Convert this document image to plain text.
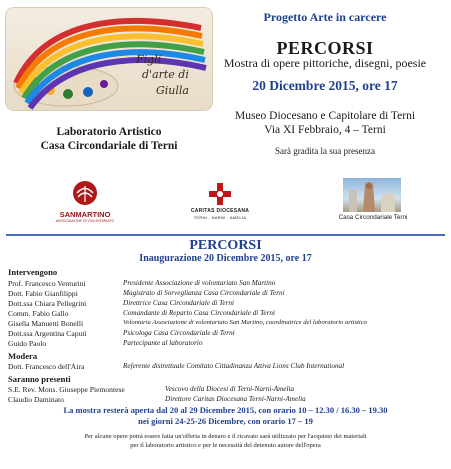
Figli
d'arte di
Giulla
Laboratorio Artistico
Casa Circondariale di Terni
Progetto Arte in carcere
PERCORSI
Mostra di opere pittoriche, disegni, poesie
20 Dicembre 2015, ore 17
Museo Diocesano e Capitolare di Terni
Via XI Febbraio, 4 – Terni
Sarà gradita la sua presenza
SANMARTINO
ASSOCIAZIONE DI VOLONTARIATO
CARITAS DIOCESANA
TERNI - NARNI - AMELIA	Casa Circondariale Terni
PERCORSI
Inaugurazione 20 Dicembre 2015, ore 17
Intervengono
Prof. Francesco Venturini	Presidente Associazione di volontariato San Martino
Dott. Fabio Gianfilippi	Magistrato di Sorveglianza Casa Circondariale di Terni
Dott.ssa Chiara Pellegrini	Direttrice Casa Circondariale di Terni
Comm. Fabio Gallo	Comandante di Reparto Casa Circondariale di Terni
Gisella Manuetti Bonelli	Volontaria Associazione di volontariato San Martino, coordinatrice del laboratorio artistico
Dott.ssa Argentina Caputi	Psicologa Casa Circondariale di Terni
Guido Paolo	Partecipante al laboratorio
Modera
Dott. Francesco dell'Aira	Referente distrettuale Comitato Cittadinanza Attiva Lions Club International
Saranno presenti
S.E. Rev. Mons. Giuseppe Piemontese	Vescovo della Diocesi di Terni-Narni-Amelia
Claudio Daminato	Direttore Caritas Diocesana Terni-Narni-Amelia
La mostra resterà aperta dal 20 al 29 Dicembre 2015, con orario 10 – 12.30 / 16.30 – 19.30
nei giorni 24-25-26 Dicembre, con orario 17 – 19
Per alcune opere potrà essere fatta un'offerta in denaro e il ricavato sarà utilizzato per l'acquisto dei materiali
per il laboratorio artistico e per le necessità del detenuto autore dell'opera
